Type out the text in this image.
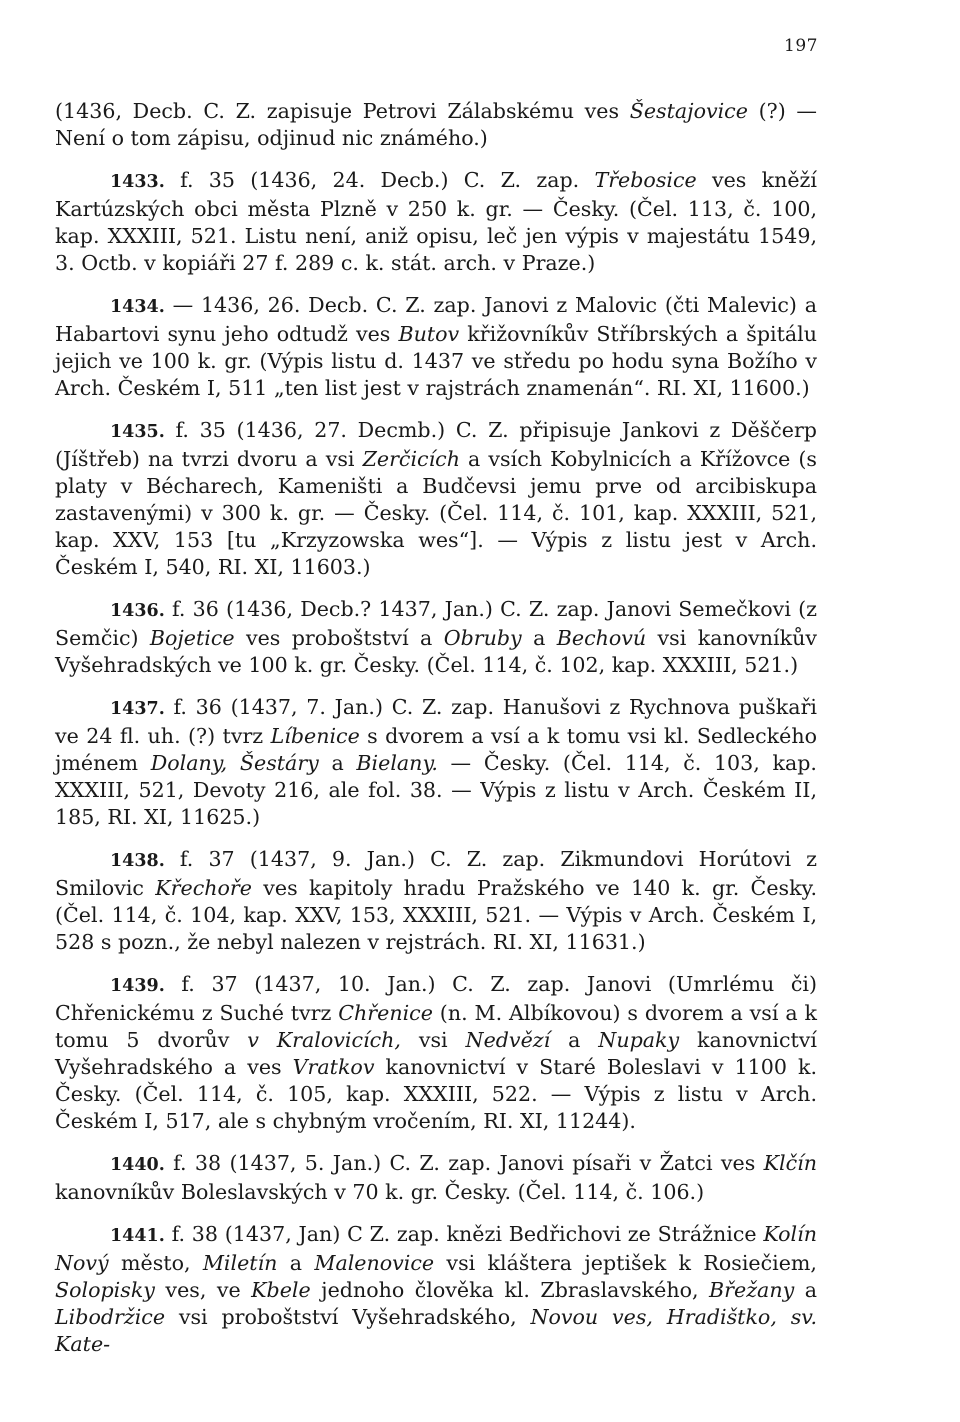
197

(1436, Decb. C. Z. zapisuje Petrovi Zálabskému ves Šestajovice (?) — Není o tom zápisu, odjinud nic známého.)

1433. f. 35 (1436, 24. Decb.) C. Z. zap. Třebosice ves kněží Kartúzských obci města Plzně v 250 k. gr. — Česky. (Čel. 113, č. 100, kap. XXXIII, 521. Listu není, aniž opisu, leč jen výpis v majestátu 1549, 3. Octb. v kopiáři 27 f. 289 c. k. stát. arch. v Praze.)

1434. — 1436, 26. Decb. C. Z. zap. Janovi z Malovic (čti Malevic) a Habartovi synu jeho odtudž ves Butov křižovníkův Stříbrských a špitálu jejich ve 100 k. gr. (Výpis listu d. 1437 ve středu po hodu syna Božího v Arch. Českém I, 511 „ten list jest v rajstrách znamenán“. RI. XI, 11600.)

1435. f. 35 (1436, 27. Decmb.) C. Z. připisuje Jankovi z Děščerp (Jíštřeb) na tvrzi dvoru a vsi Zerčicích a vsích Kobylnicích a Křížovce (s platy v Bécharech, Kameništi a Budčevsi jemu prve od arcibiskupa zastavenými) v 300 k. gr. — Česky. (Čel. 114, č. 101, kap. XXXIII, 521, kap. XXV, 153 [tu „Krzyzowska wes“]. — Výpis z listu jest v Arch. Českém I, 540, RI. XI, 11603.)

1436. f. 36 (1436, Decb.? 1437, Jan.) C. Z. zap. Janovi Semečkovi (z Semčic) Bojetice ves proboštství a Obruby a Bechovú vsi kanovníkův Vyšehradských ve 100 k. gr. Česky. (Čel. 114, č. 102, kap. XXXIII, 521.)

1437. f. 36 (1437, 7. Jan.) C. Z. zap. Hanušovi z Rychnova puškaři ve 24 fl. uh. (?) tvrz Líbenice s dvorem a vsí a k tomu vsi kl. Sedleckého jménem Dolany, Šestáry a Bielany. — Česky. (Čel. 114, č. 103, kap. XXXIII, 521, Devoty 216, ale fol. 38. — Výpis z listu v Arch. Českém II, 185, RI. XI, 11625.)

1438. f. 37 (1437, 9. Jan.) C. Z. zap. Zikmundovi Horútovi z Smilovic Křechoře ves kapitoly hradu Pražského ve 140 k. gr. Česky. (Čel. 114, č. 104, kap. XXV, 153, XXXIII, 521. — Výpis v Arch. Českém I, 528 s pozn., že nebyl nalezen v rejstrách. RI. XI, 11631.)

1439. f. 37 (1437, 10. Jan.) C. Z. zap. Janovi (Umrlému či) Chřenickému z Suché tvrz Chřenice (n. M. Albíkovou) s dvorem a vsí a k tomu 5 dvorův v Kralovicích, vsi Nedvězí a Nupaky kanovnictví Vyšehradského a ves Vratkov kanovnictví v Staré Boleslavi v 1100 k. Česky. (Čel. 114, č. 105, kap. XXXIII, 522. — Výpis z listu v Arch. Českém I, 517, ale s chybným vročením, RI. XI, 11244).

1440. f. 38 (1437, 5. Jan.) C. Z. zap. Janovi písaři v Žatci ves Klčín kanovníkův Boleslavských v 70 k. gr. Česky. (Čel. 114, č. 106.)

1441. f. 38 (1437, Jan) C Z. zap. knězi Bedřichovi ze Strážnice Kolín Nový město, Miletín a Malenovice vsi kláštera jeptišek k Rosiečiem, Solopisky ves, ve Kbele jednoho člověka kl. Zbraslavského, Břežany a Libodržice vsi proboštství Vyšehradského, Novou ves, Hradištko, sv. Kate-
